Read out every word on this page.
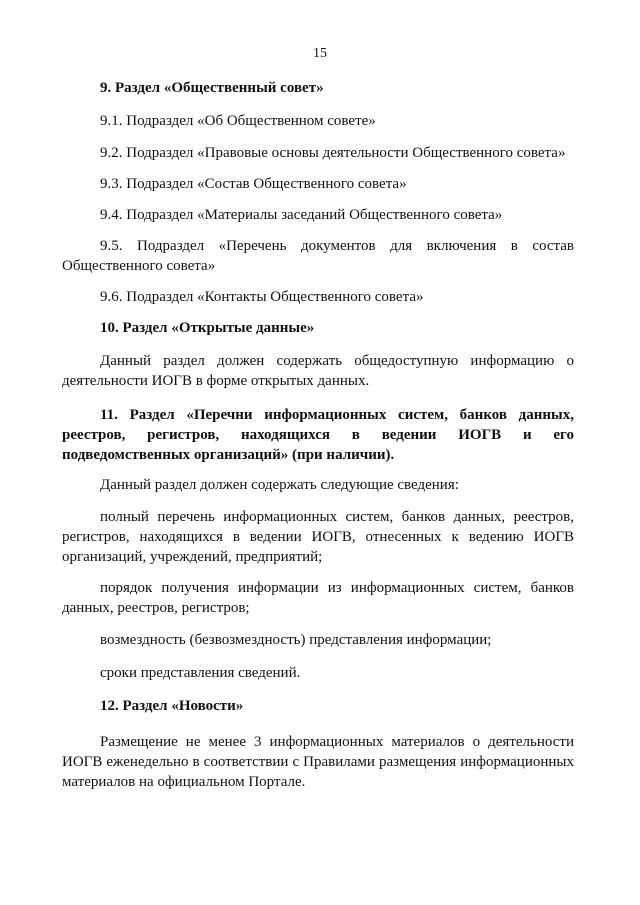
15
9. Раздел «Общественный совет»
9.1. Подраздел «Об Общественном совете»
9.2. Подраздел «Правовые основы деятельности Общественного совета»
9.3. Подраздел «Состав Общественного совета»
9.4. Подраздел «Материалы заседаний Общественного совета»
9.5. Подраздел «Перечень документов для включения в состав Общественного совета»
9.6. Подраздел «Контакты Общественного совета»
10. Раздел «Открытые данные»
Данный раздел должен содержать общедоступную информацию о деятельности ИОГВ в форме открытых данных.
11. Раздел «Перечни информационных систем, банков данных, реестров, регистров, находящихся в ведении ИОГВ и его подведомственных организаций» (при наличии).
Данный раздел должен содержать следующие сведения:
полный перечень информационных систем, банков данных, реестров, регистров, находящихся в ведении ИОГВ, отнесенных к ведению ИОГВ организаций, учреждений, предприятий;
порядок получения информации из информационных систем, банков данных, реестров, регистров;
возмездность (безвозмездность) представления информации;
сроки представления сведений.
12. Раздел «Новости»
Размещение не менее 3 информационных материалов о деятельности ИОГВ еженедельно в соответствии с Правилами размещения информационных материалов на официальном Портале.
